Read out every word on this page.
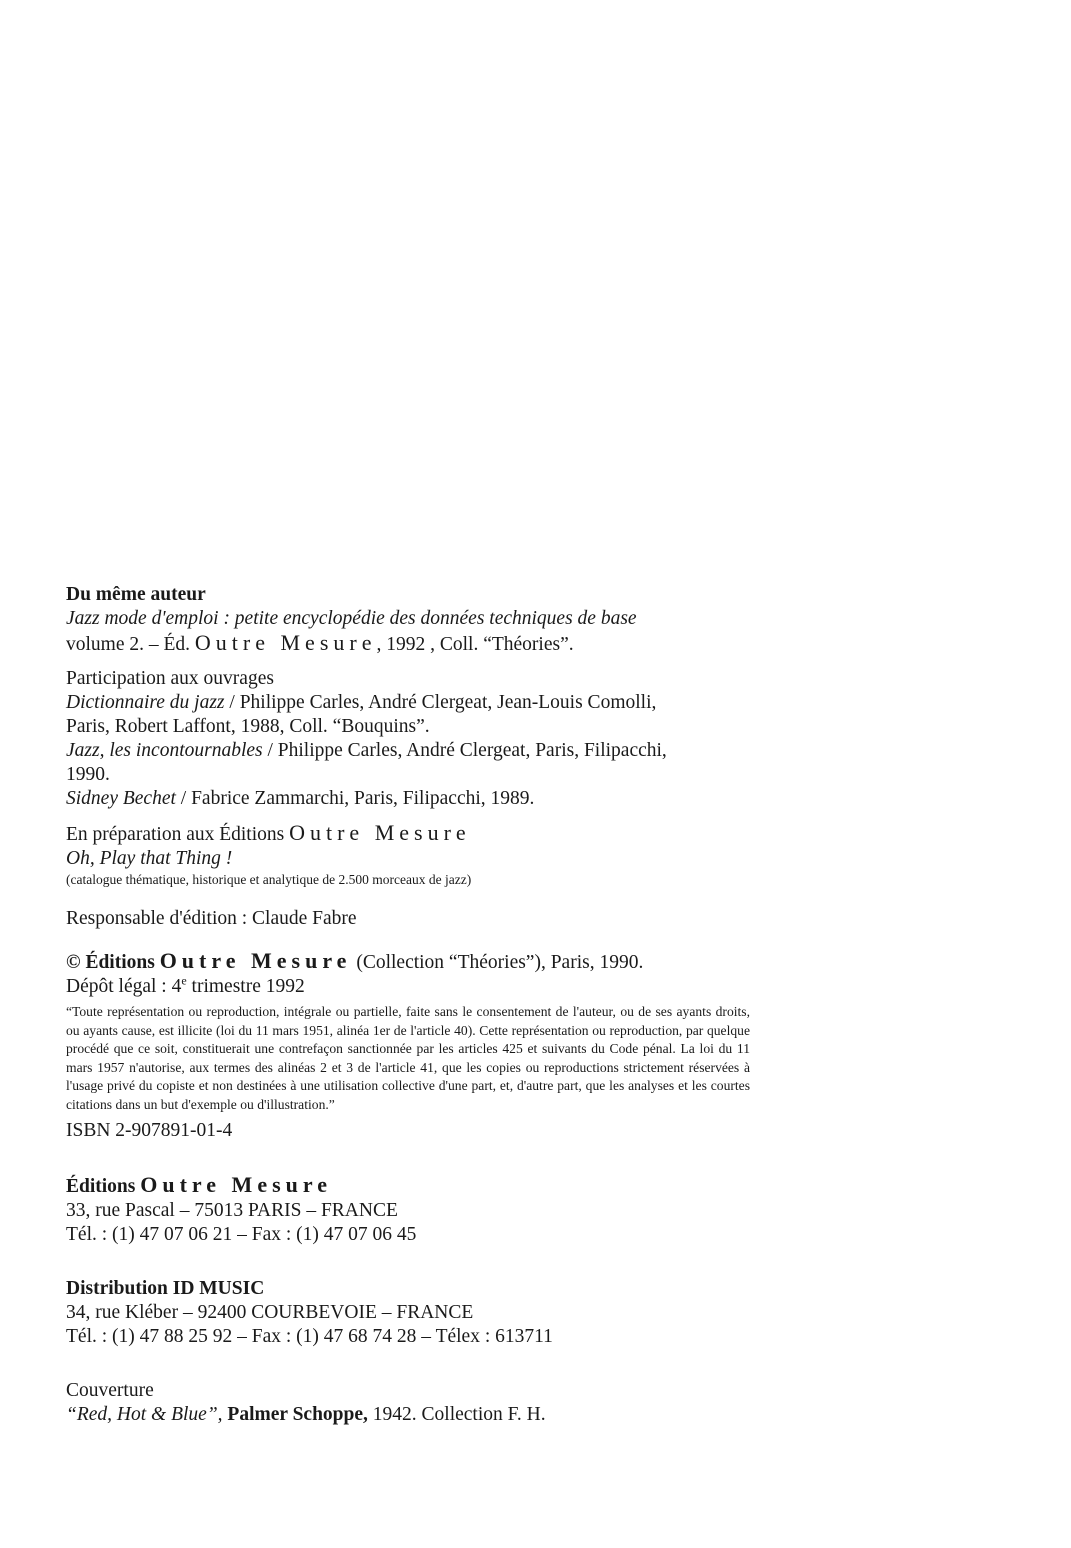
Du même auteur
Jazz mode d'emploi : petite encyclopédie des données techniques de base
volume 2. – Éd. Outre Mesure, 1992 , Coll. “Théories”.
Participation aux ouvrages
Dictionnaire du jazz / Philippe Carles, André Clergeat, Jean-Louis Comolli,
Paris, Robert Laffont, 1988, Coll. “Bouquins”.
Jazz, les incontournables / Philippe Carles, André Clergeat, Paris, Filipacchi,
1990.
Sidney Bechet / Fabrice Zammarchi, Paris, Filipacchi, 1989.
En préparation aux Éditions Outre Mesure
Oh, Play that Thing !
(catalogue thématique, historique et analytique de 2.500 morceaux de jazz)
Responsable d'édition : Claude Fabre
© Éditions Outre Mesure (Collection “Théories”), Paris, 1990.
Dépôt légal : 4e trimestre 1992
“Toute représentation ou reproduction, intégrale ou partielle, faite sans le consentement de l'auteur, ou de ses ayants droits, ou ayants cause, est illicite (loi du 11 mars 1951, alinéa 1er de l'article 40). Cette représentation ou reproduction, par quelque procédé que ce soit, constituerait une contrefaçon sanctionnée par les articles 425 et suivants du Code pénal. La loi du 11 mars 1957 n'autorise, aux termes des alinéas 2 et 3 de l'article 41, que les copies ou reproductions strictement réservées à l'usage privé du copiste et non destinées à une utilisation collective d'une part, et, d'autre part, que les analyses et les courtes citations dans un but d'exemple ou d'illustration.”
ISBN 2-907891-01-4
Éditions Outre Mesure
33, rue Pascal – 75013 PARIS – FRANCE
Tél. : (1) 47 07 06 21 – Fax : (1) 47 07 06 45
Distribution ID MUSIC
34, rue Kléber – 92400 COURBEVOIE – FRANCE
Tél. : (1) 47 88 25 92 – Fax : (1) 47 68 74 28 – Télex : 613711
Couverture
“Red, Hot & Blue”, Palmer Schoppe, 1942. Collection F. H.
